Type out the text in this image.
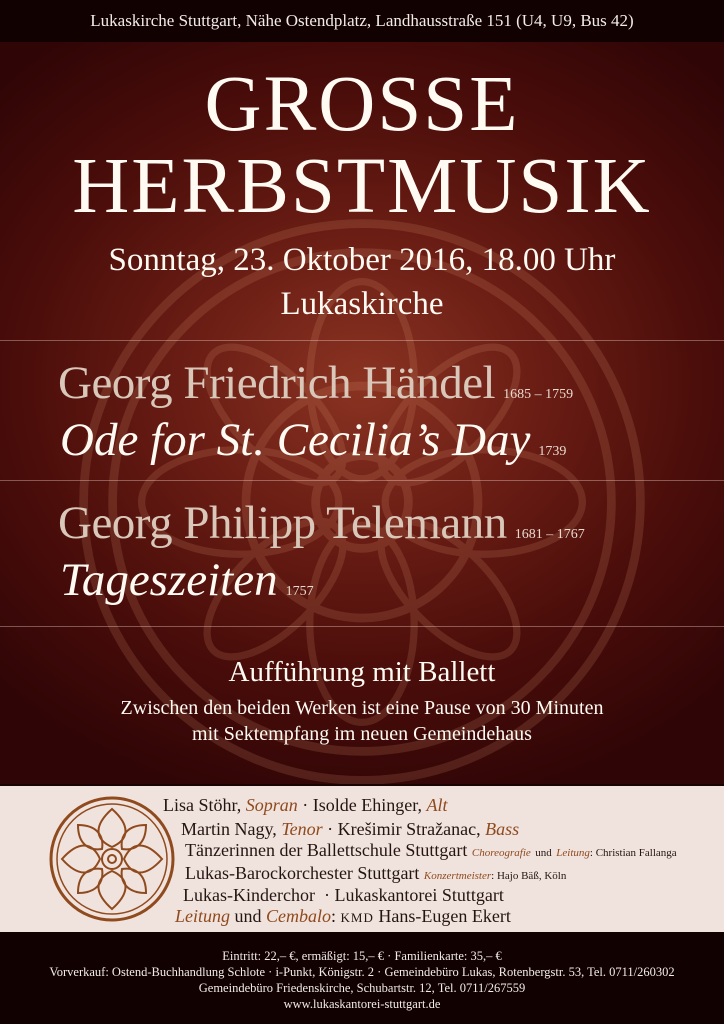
Lukaskirche Stuttgart, Nähe Ostendplatz, Landhausstraße 151 (U4, U9, Bus 42)
GROSSE
HERBSTMUSIK
Sonntag, 23. Oktober 2016, 18.00 Uhr
Lukaskirche
Georg Friedrich Händel 1685 – 1759
Ode for St. Cecilia’s Day 1739
Georg Philipp Telemann 1681 – 1767
Tageszeiten 1757
Aufführung mit Ballett
Zwischen den beiden Werken ist eine Pause von 30 Minuten
mit Sektempfang im neuen Gemeindehaus
Lisa Stöhr, Sopran · Isolde Ehinger, Alt
Martin Nagy, Tenor · Krešimir Stražanac, Bass
Tänzerinnen der Ballettschule Stuttgart Choreografie und Leitung: Christian Fallanga
Lukas-Barockorchester Stuttgart Konzertmeister: Hajo Bäß, Köln
Lukas-Kinderchor · Lukaskantorei Stuttgart
Leitung und Cembalo: KMD Hans-Eugen Ekert
Eintritt: 22,– €, ermäßigt: 15,– € · Familienkarte: 35,– €
Vorverkauf: Ostend-Buchhandlung Schlote · i-Punkt, Königstr. 2 · Gemeindebüro Lukas, Rotenbergstr. 53, Tel. 0711/260302
Gemeindebüro Friedenskirche, Schubartstr. 12, Tel. 0711/267559
www.lukaskantorei-stuttgart.de
